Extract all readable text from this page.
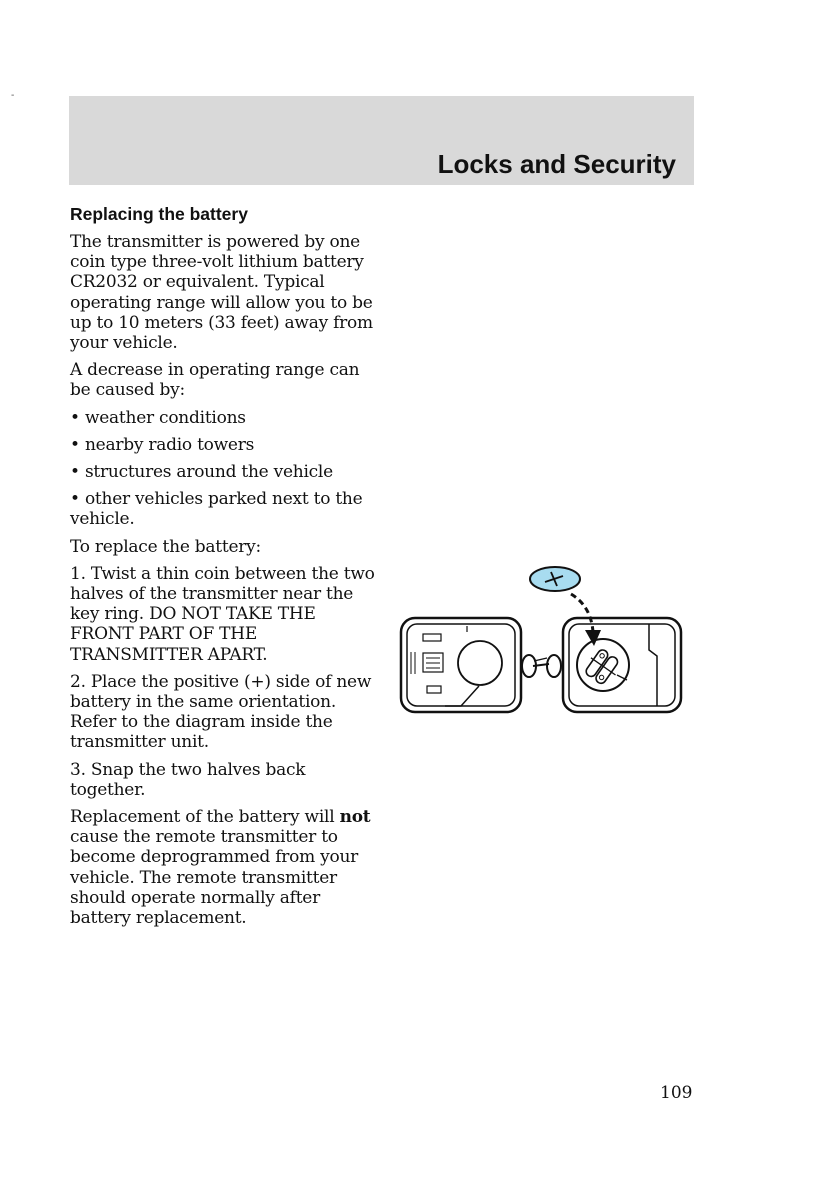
-
Locks and Security
Replacing the battery

The transmitter is powered by one coin type three-volt lithium battery CR2032 or equivalent. Typical operating range will allow you to be up to 10 meters (33 feet) away from your vehicle.

A decrease in operating range can be caused by:

• weather conditions
• nearby radio towers
• structures around the vehicle
• other vehicles parked next to the vehicle.

To replace the battery:

1. Twist a thin coin between the two halves of the transmitter near the key ring. DO NOT TAKE THE FRONT PART OF THE TRANSMITTER APART.

2. Place the positive (+) side of new battery in the same orientation. Refer to the diagram inside the transmitter unit.

3. Snap the two halves back together.

Replacement of the battery will not cause the remote transmitter to become deprogrammed from your vehicle. The remote transmitter should operate normally after battery replacement.

109
